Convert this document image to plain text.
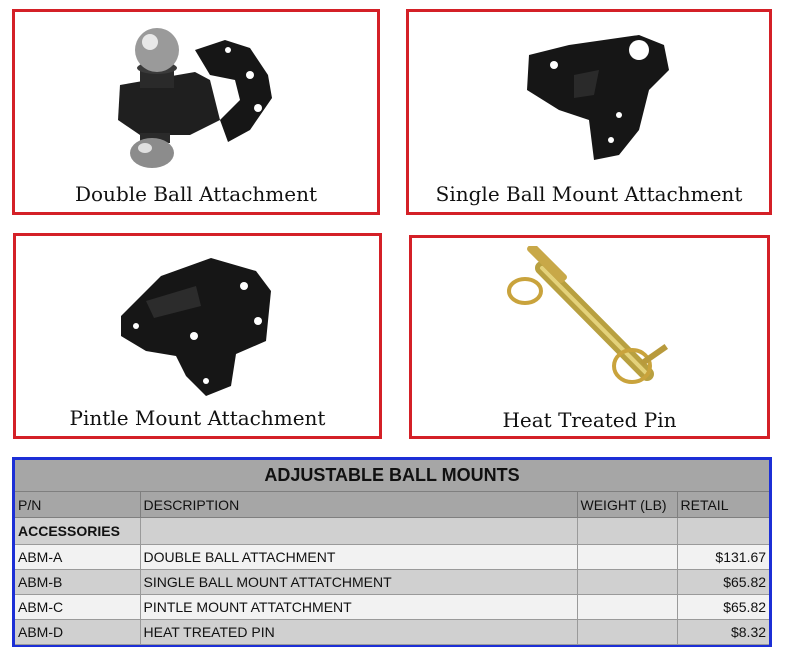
Double Ball Attachment	Single Ball Mount Attachment
Pintle Mount Attachment	Heat Treated Pin
ADJUSTABLE BALL MOUNTS			
P/N	DESCRIPTION	WEIGHT (LB)	RETAIL
ACCESSORIES			
ABM-A	DOUBLE BALL ATTACHMENT		$131.67
ABM-B	SINGLE BALL MOUNT ATTATCHMENT		$65.82
ABM-C	PINTLE MOUNT ATTATCHMENT		$65.82
ABM-D	HEAT TREATED PIN		$8.32
